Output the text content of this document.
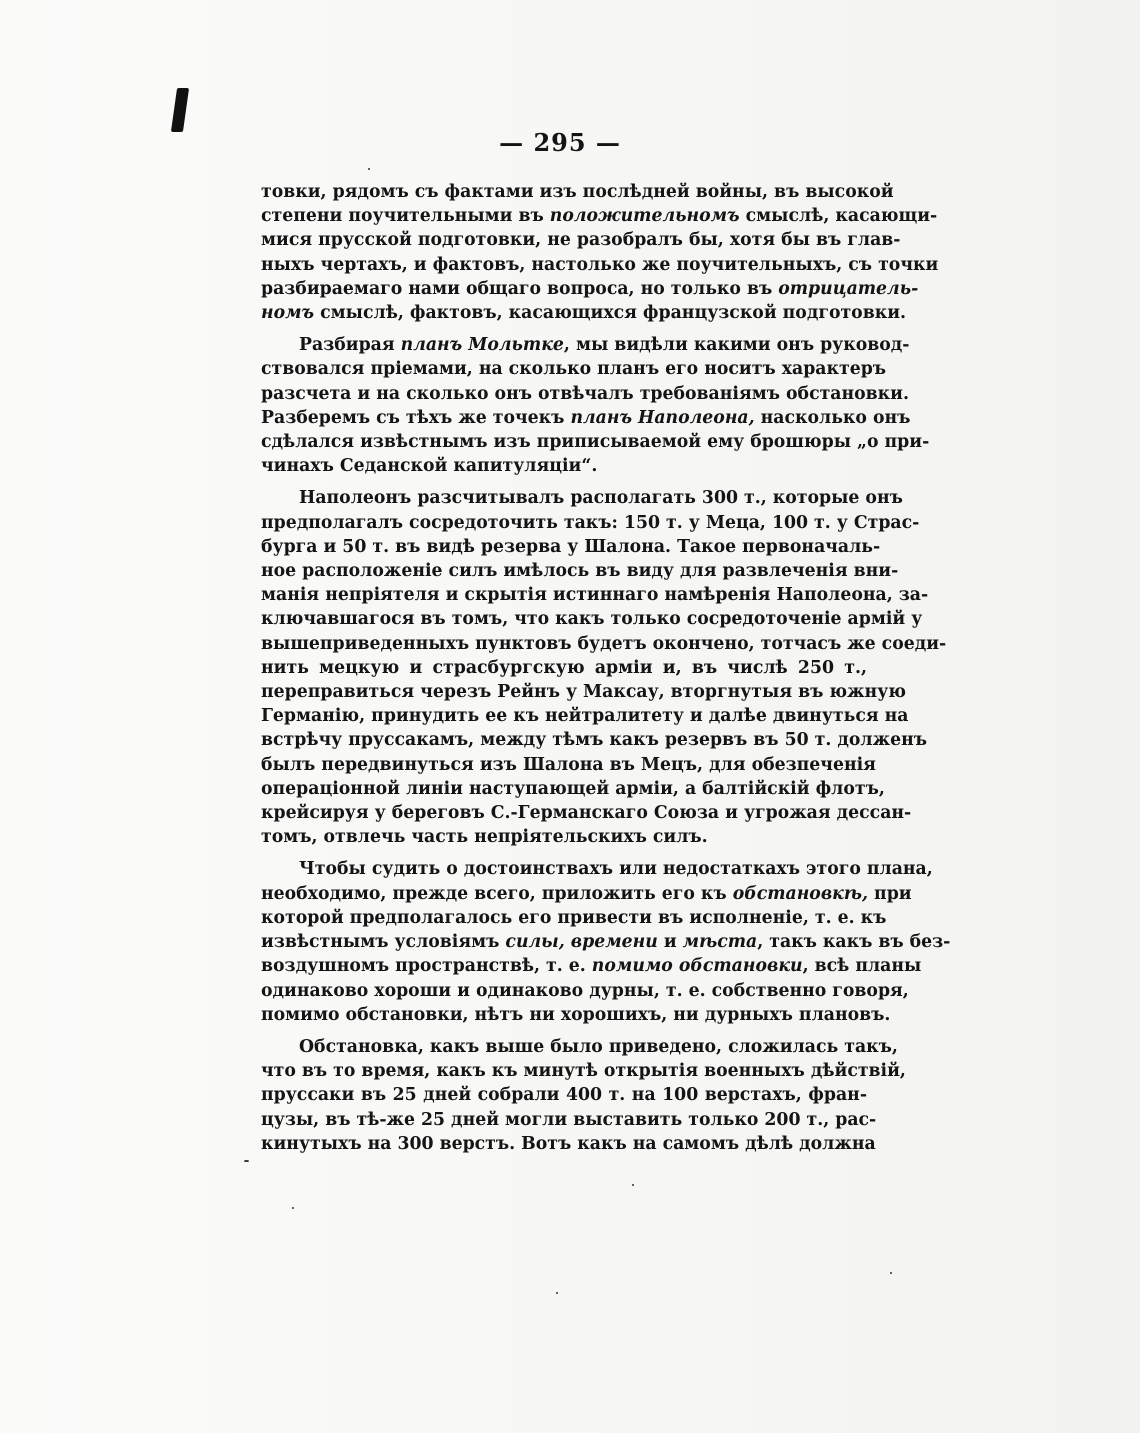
— 295 —
товки, рядомъ съ фактами изъ послѣдней войны, въ высокой
степени поучительными въ положительномъ смыслѣ, касающи-
мися прусской подготовки, не разобралъ бы, хотя бы въ глав-
ныхъ чертахъ, и фактовъ, настолько же поучительныхъ, съ точки
разбираемаго нами общаго вопроса, но только въ отрицатель-
номъ смыслѣ, фактовъ, касающихся французской подготовки.
Разбирая планъ Мольтке, мы видѣли какими онъ руковод-
ствовался пріемами, на сколько планъ его носитъ характеръ
разсчета и на сколько онъ отвѣчалъ требованіямъ обстановки.
Разберемъ съ тѣхъ же точекъ планъ Наполеона, насколько онъ
сдѣлался извѣстнымъ изъ приписываемой ему брошюры „о при-
чинахъ Седанской капитуляціи“.
Наполеонъ разсчитывалъ располагать 300 т., которые онъ
предполагалъ сосредоточить такъ: 150 т. у Меца, 100 т. у Страс-
бурга и 50 т. въ видѣ резерва у Шалона. Такое первоначаль-
ное расположеніе силъ имѣлось въ виду для развлеченія вни-
манія непріятеля и скрытія истиннаго намѣренія Наполеона, за-
ключавшагося въ томъ, что какъ только сосредоточеніе армій у
вышеприведенныхъ пунктовъ будетъ окончено, тотчасъ же соеди-
нить мецкую и страсбургскую арміи и, въ числѣ 250 т.,
переправиться черезъ Рейнъ у Максау, вторгнутыя въ южную
Германію, принудить ее къ нейтралитету и далѣе двинуться на
встрѣчу пруссакамъ, между тѣмъ какъ резервъ въ 50 т. долженъ
былъ передвинуться изъ Шалона въ Мецъ, для обезпеченія
операціонной линіи наступающей арміи, а балтійскій флотъ,
крейсируя у береговъ С.-Германскаго Союза и угрожая дессан-
томъ, отвлечь часть непріятельскихъ силъ.
Чтобы судить о достоинствахъ или недостаткахъ этого плана,
необходимо, прежде всего, приложить его къ обстановкѣ,
которой предполагалось его привести въ исполненіе, т. е. къ
извѣстнымъ условіямъ силы, времени и мѣста, такъ какъ въ без-
воздушномъ пространствѣ, т. е. помимо обстановки, всѣ планы
одинаково хороши и одинаково дурны, т. е. собственно говоря,
помимо обстановки, нѣтъ ни хорошихъ, ни дурныхъ плановъ.
Обстановка, какъ выше было приведено, сложилась такъ,
что въ то время, какъ къ минутѣ открытія военныхъ дѣйствій,
пруссаки въ 25 дней собрали 400 т. на 100 верстахъ, фран-
цузы, въ тѣ-же 25 дней могли выставить только 200 т., рас-
кинутыхъ на 300 верстъ. Вотъ какъ на самомъ дѣлѣ должна
